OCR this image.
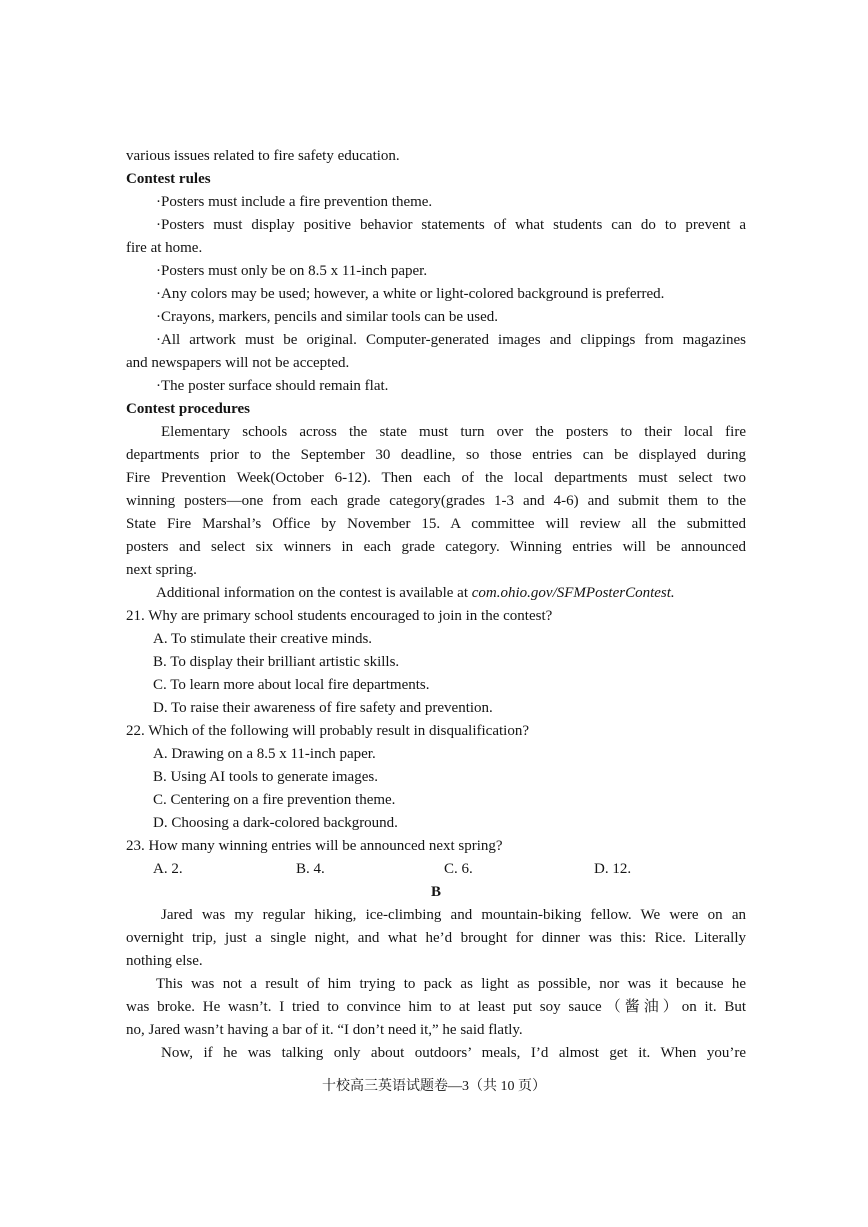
various issues related to fire safety education.

Contest rules

·Posters must include a fire prevention theme.

·Posters must display positive behavior statements of what students can do to prevent a

fire at home.

·Posters must only be on 8.5 x 11-inch paper.

·Any colors may be used; however, a white or light-colored background is preferred.

·Crayons, markers, pencils and similar tools can be used.

·All artwork must be original. Computer-generated images and clippings from magazines

and newspapers will not be accepted.

·The poster surface should remain flat.

Contest procedures

Elementary schools across the state must turn over the posters to their local fire

departments prior to the September 30 deadline, so those entries can be displayed during

Fire Prevention Week(October 6-12). Then each of the local departments must select two

winning posters—one from each grade category(grades 1-3 and 4-6) and submit them to the

State Fire Marshal’s Office by November 15. A committee will review all the submitted

posters and select six winners in each grade category. Winning entries will be announced

next spring.

Additional information on the contest is available at com.ohio.gov/SFMPosterContest.

21. Why are primary school students encouraged to join in the contest?

A. To stimulate their creative minds.

B. To display their brilliant artistic skills.

C. To learn more about local fire departments.

D. To raise their awareness of fire safety and prevention.

22. Which of the following will probably result in disqualification?

A. Drawing on a 8.5 x 11-inch paper.

B. Using AI tools to generate images.

C. Centering on a fire prevention theme.

D. Choosing a dark-colored background.

23. How many winning entries will be announced next spring?

A. 2.	B. 4.	C. 6.	D. 12.

B

Jared was my regular hiking, ice-climbing and mountain-biking fellow. We were on an

overnight trip, just a single night, and what he’d brought for dinner was this: Rice. Literally

nothing else.

This was not a result of him trying to pack as light as possible, nor was it because he

was broke. He wasn’t. I tried to convince him to at least put soy sauce（酱油）on it. But

no, Jared wasn’t having a bar of it. “I don’t need it,” he said flatly.

Now, if he was talking only about outdoors’ meals, I’d almost get it. When you’re

十校高三英语试题卷—3（共 10 页）
